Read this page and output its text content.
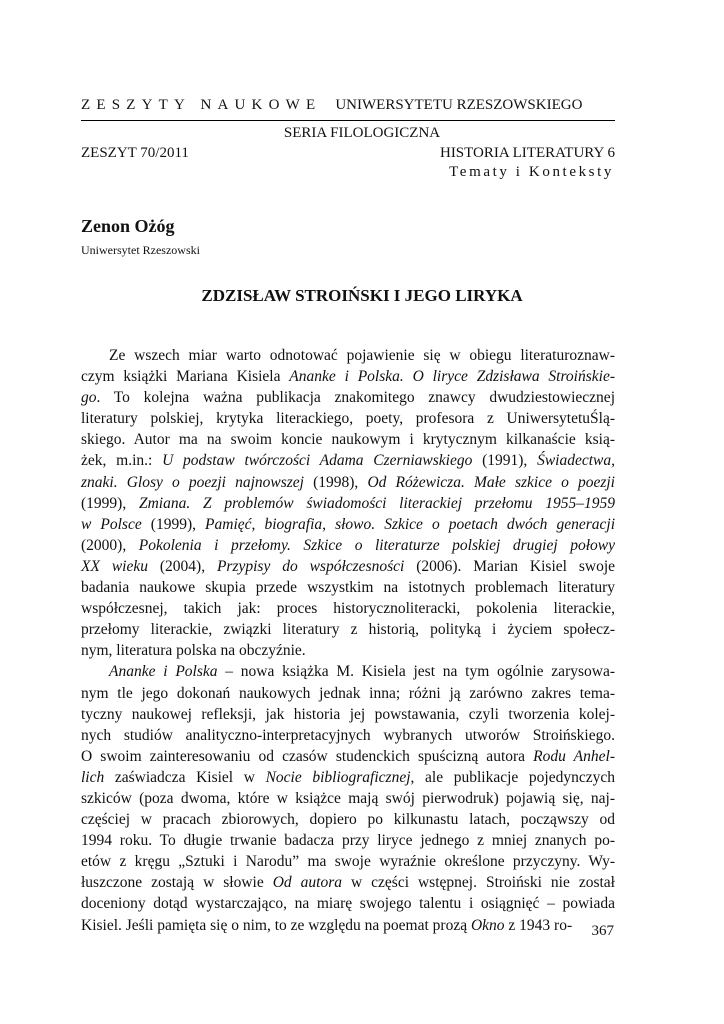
ZESZYTY NAUKOWE UNIWERSYTETU RZESZOWSKIEGO
SERIA FILOLOGICZNA
ZESZYT 70/2011	HISTORIA LITERATURY 6
Tematy i Konteksty
Zenon Ożóg
Uniwersytet Rzeszowski
ZDZISŁAW STROIŃSKI I JEGO LIRYKA
Ze wszech miar warto odnotować pojawienie się w obiegu literaturoznaw-
czym książki Mariana Kisiela Ananke i Polska. O liryce Zdzisława Stroińskie-
go. To kolejna ważna publikacja znakomitego znawcy dwudziestowiecznej
literatury polskiej, krytyka literackiego, poety, profesora z UniwersytetuŚlą-
skiego. Autor ma na swoim koncie naukowym i krytycznym kilkanaście ksią-
żek, m.in.: U podstaw twórczości Adama Czerniawskiego (1991), Świadectwa,
znaki. Glosy o poezji najnowszej (1998), Od Różewicza. Małe szkice o poezji
(1999), Zmiana. Z problemów świadomości literackiej przełomu 1955–1959
w Polsce (1999), Pamięć, biografia, słowo. Szkice o poetach dwóch generacji
(2000), Pokolenia i przełomy. Szkice o literaturze polskiej drugiej połowy
XX wieku (2004), Przypisy do współczesności (2006). Marian Kisiel swoje
badania naukowe skupia przede wszystkim na istotnych problemach literatury
współczesnej, takich jak: proces historycznoliteracki, pokolenia literackie,
przełomy literackie, związki literatury z historią, polityką i życiem społecz-
nym, literatura polska na obczyźnie.
Ananke i Polska – nowa książka M. Kisiela jest na tym ogólnie zarysowa-
nym tle jego dokonań naukowych jednak inna; różni ją zarówno zakres tema-
tyczny naukowej refleksji, jak historia jej powstawania, czyli tworzenia kolej-
nych studiów analityczno-interpretacyjnych wybranych utworów Stroińskiego.
O swoim zainteresowaniu od czasów studenckich spuścizną autora Rodu Anhel-
lich zaświadcza Kisiel w Nocie bibliograficznej, ale publikacje pojedynczych
szkiców (poza dwoma, które w książce mają swój pierwodruk) pojawią się, naj-
częściej w pracach zbiorowych, dopiero po kilkunastu latach, począwszy od
1994 roku. To długie trwanie badacza przy liryce jednego z mniej znanych po-
etów z kręgu „Sztuki i Narodu” ma swoje wyraźnie określone przyczyny. Wy-
łuszczone zostają w słowie Od autora w części wstępnej. Stroiński nie został
doceniony dotąd wystarczająco, na miarę swojego talentu i osiągnięć – powiada
Kisiel. Jeśli pamięta się o nim, to ze względu na poemat prozą Okno z 1943 ro-	367
